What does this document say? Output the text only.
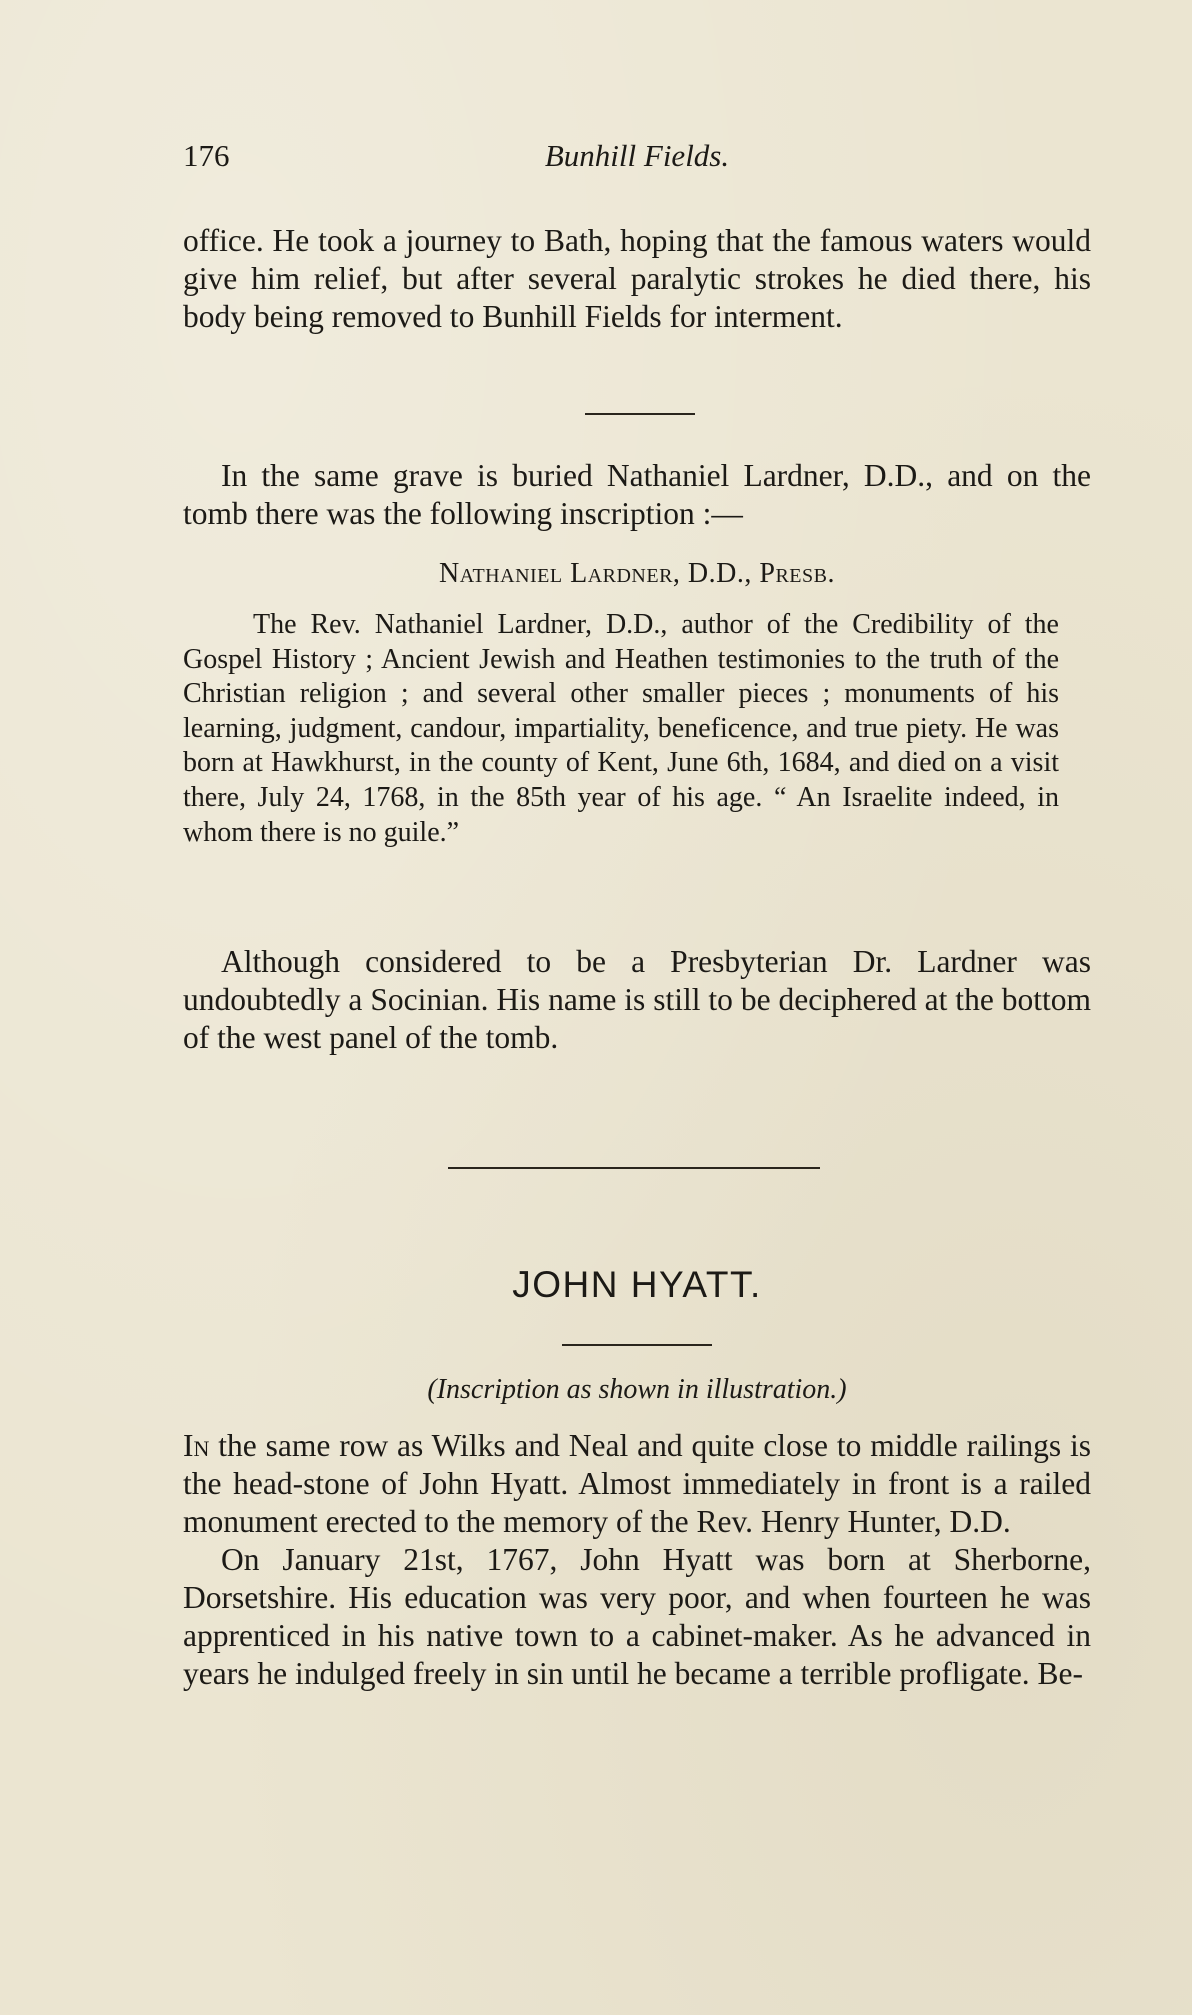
176	Bunhill Fields.

office. He took a journey to Bath, hoping that the famous waters would give him relief, but after several paralytic strokes he died there, his body being removed to Bunhill Fields for interment.

In the same grave is buried Nathaniel Lardner, D.D., and on the tomb there was the following inscription :—

Nathaniel Lardner, D.D., Presb.

The Rev. Nathaniel Lardner, D.D., author of the Credibility of the Gospel History ; Ancient Jewish and Heathen testimonies to the truth of the Christian religion ; and several other smaller pieces ; monuments of his learning, judgment, candour, impartiality, beneficence, and true piety. He was born at Hawkhurst, in the county of Kent, June 6th, 1684, and died on a visit there, July 24, 1768, in the 85th year of his age. “ An Israelite indeed, in whom there is no guile.”

Although considered to be a Presbyterian Dr. Lardner was undoubtedly a Socinian. His name is still to be deciphered at the bottom of the west panel of the tomb.

JOHN HYATT.
(Inscription as shown in illustration.)

In the same row as Wilks and Neal and quite close to middle railings is the head-stone of John Hyatt. Almost immediately in front is a railed monument erected to the memory of the Rev. Henry Hunter, D.D.

On January 21st, 1767, John Hyatt was born at Sherborne, Dorsetshire. His education was very poor, and when fourteen he was apprenticed in his native town to a cabinet-maker. As he advanced in years he indulged freely in sin until he became a terrible profligate. Be-
